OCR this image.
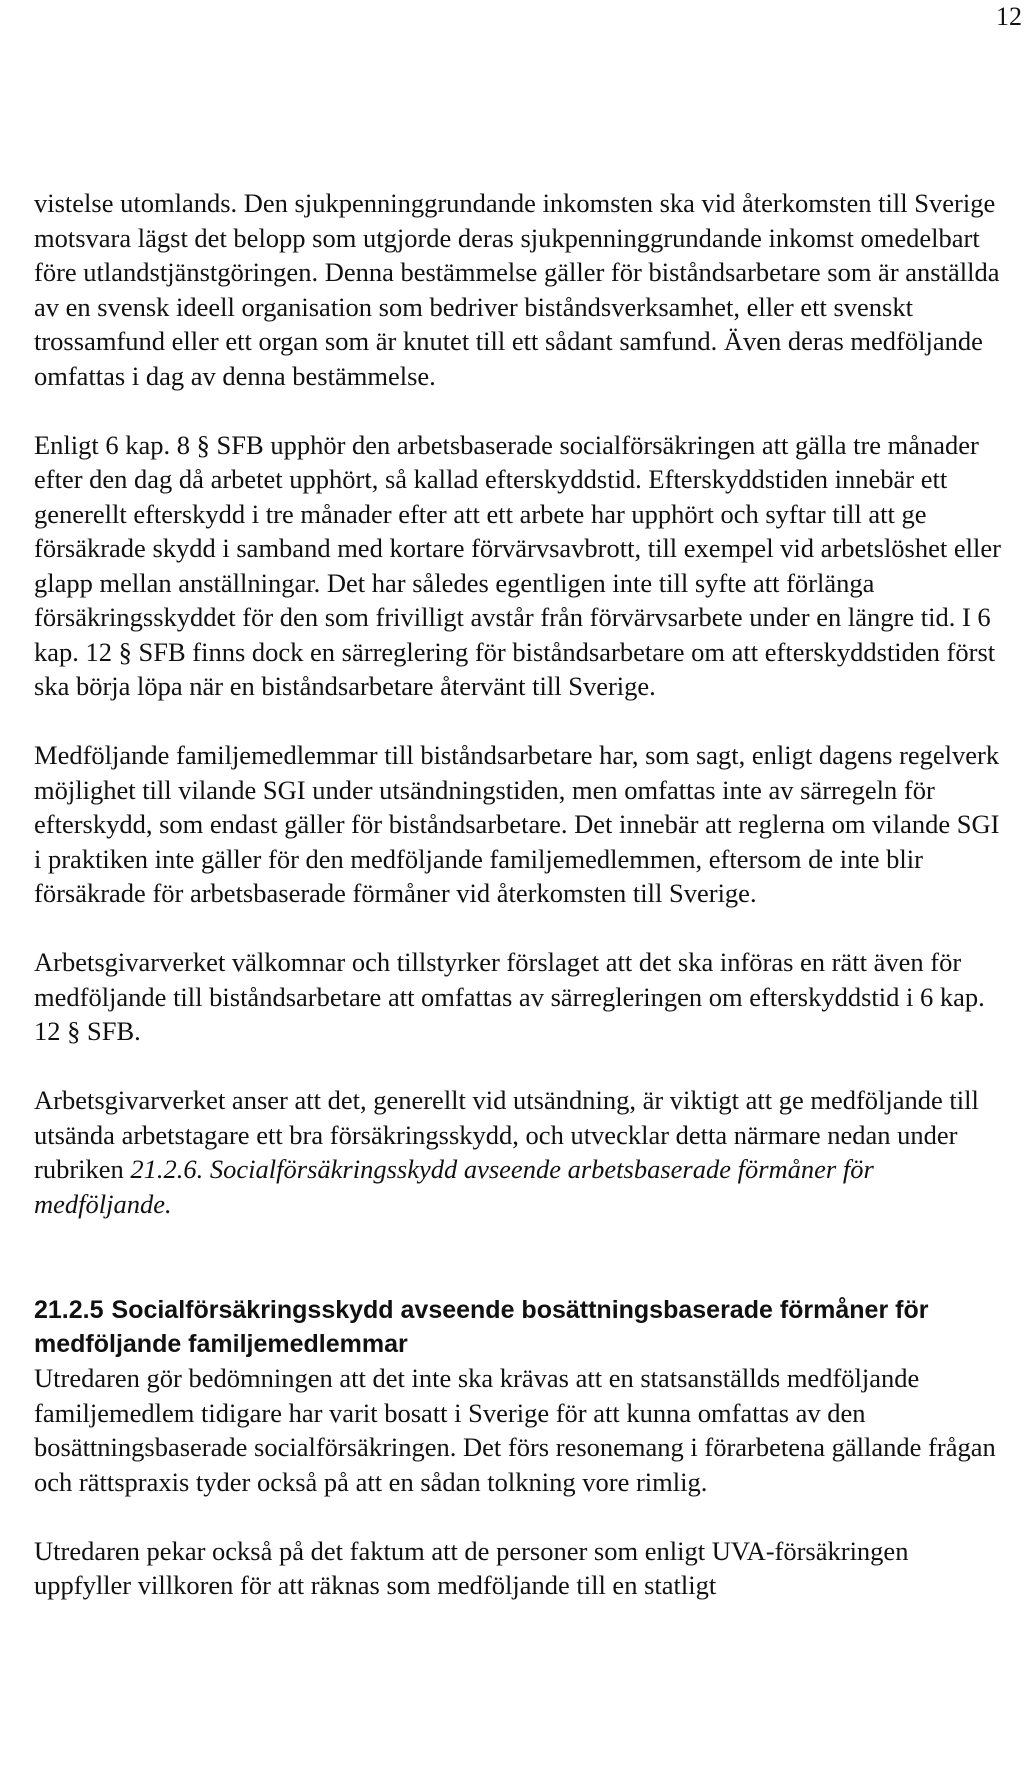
12

vistelse utomlands. Den sjukpenninggrundande inkomsten ska vid återkomsten till Sverige motsvara lägst det belopp som utgjorde deras sjukpenninggrundande inkomst omedelbart före utlandstjänstgöringen. Denna bestämmelse gäller för biståndsarbetare som är anställda av en svensk ideell organisation som bedriver biståndsverksamhet, eller ett svenskt trossamfund eller ett organ som är knutet till ett sådant samfund. Även deras medföljande omfattas i dag av denna bestämmelse.

Enligt 6 kap. 8 § SFB upphör den arbetsbaserade socialförsäkringen att gälla tre månader efter den dag då arbetet upphört, så kallad efterskyddstid. Efterskyddstiden innebär ett generellt efterskydd i tre månader efter att ett arbete har upphört och syftar till att ge försäkrade skydd i samband med kortare förvärvsavbrott, till exempel vid arbetslöshet eller glapp mellan anställningar. Det har således egentligen inte till syfte att förlänga försäkringsskyddet för den som frivilligt avstår från förvärvsarbete under en längre tid. I 6 kap. 12 § SFB finns dock en särreglering för biståndsarbetare om att efterskyddstiden först ska börja löpa när en biståndsarbetare återvänt till Sverige.

Medföljande familjemedlemmar till biståndsarbetare har, som sagt, enligt dagens regelverk möjlighet till vilande SGI under utsändningstiden, men omfattas inte av särregeln för efterskydd, som endast gäller för biståndsarbetare. Det innebär att reglerna om vilande SGI i praktiken inte gäller för den medföljande familjemedlemmen, eftersom de inte blir försäkrade för arbetsbaserade förmåner vid återkomsten till Sverige.

Arbetsgivarverket välkomnar och tillstyrker förslaget att det ska införas en rätt även för medföljande till biståndsarbetare att omfattas av särregleringen om efterskyddstid i 6 kap. 12 § SFB.

Arbetsgivarverket anser att det, generellt vid utsändning, är viktigt att ge medföljande till utsända arbetstagare ett bra försäkringsskydd, och utvecklar detta närmare nedan under rubriken 21.2.6. Socialförsäkringsskydd avseende arbetsbaserade förmåner för medföljande.

21.2.5 Socialförsäkringsskydd avseende bosättningsbaserade förmåner för medföljande familjemedlemmar

Utredaren gör bedömningen att det inte ska krävas att en statsanställds medföljande familjemedlem tidigare har varit bosatt i Sverige för att kunna omfattas av den bosättningsbaserade socialförsäkringen. Det förs resonemang i förarbetena gällande frågan och rättspraxis tyder också på att en sådan tolkning vore rimlig.

Utredaren pekar också på det faktum att de personer som enligt UVA-försäkringen uppfyller villkoren för att räknas som medföljande till en statligt
